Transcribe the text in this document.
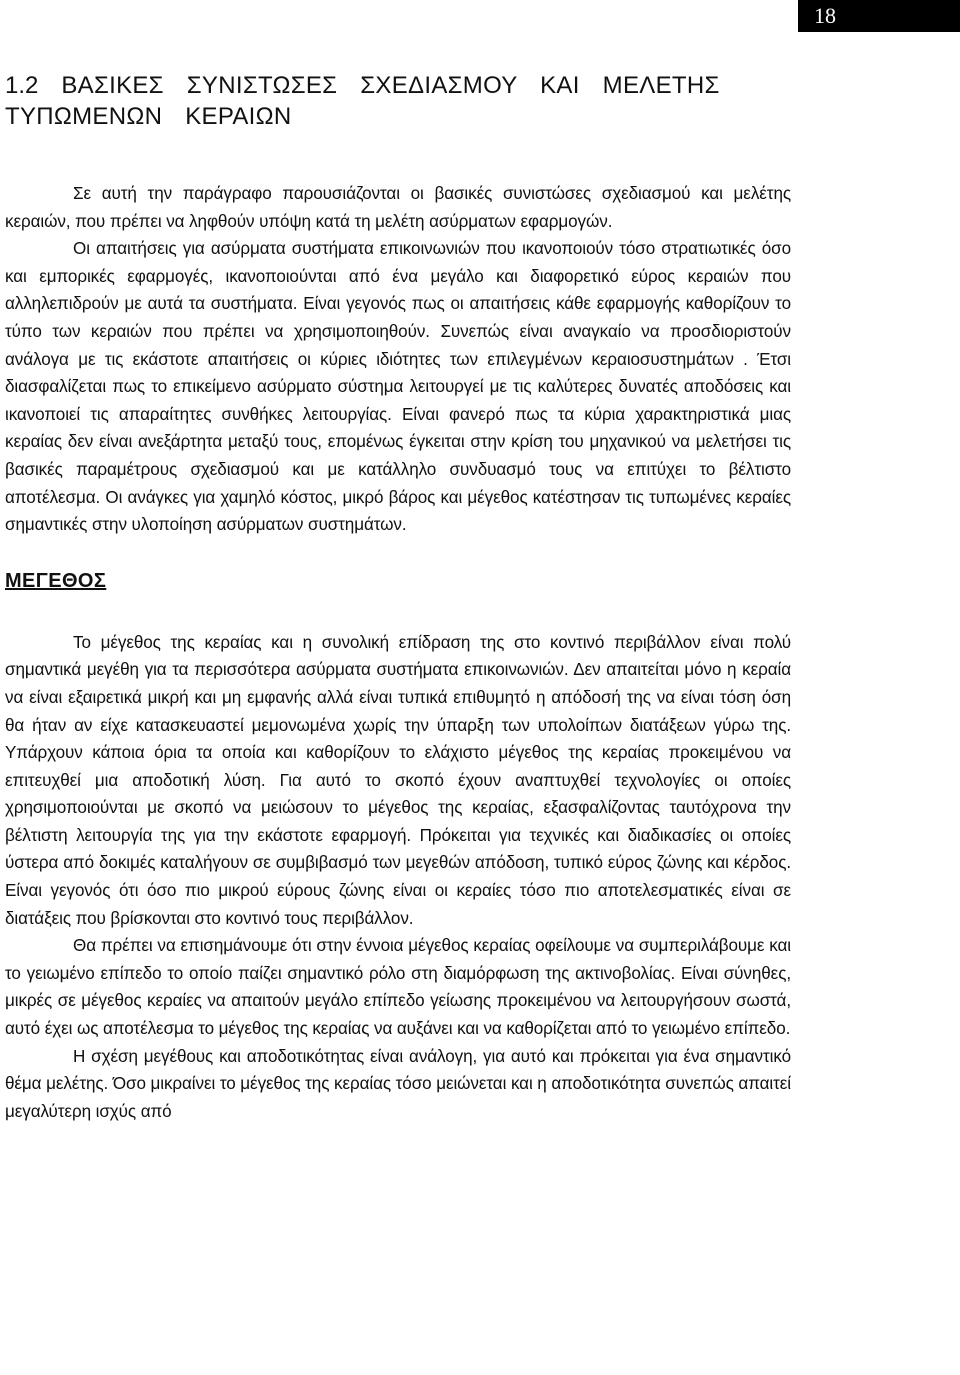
18
1.2 ΒΑΣΙΚΕΣ ΣΥΝΙΣΤΩΣΕΣ ΣΧΕΔΙΑΣΜΟΥ ΚΑΙ ΜΕΛΕΤΗΣ
ΤΥΠΩΜΕΝΩΝ ΚΕΡΑΙΩΝ

Σε αυτή την παράγραφο παρουσιάζονται οι βασικές συνιστώσες σχεδιασμού και μελέτης κεραιών, που πρέπει να ληφθούν υπόψη κατά τη μελέτη ασύρματων εφαρμογών.

Οι απαιτήσεις για ασύρματα συστήματα επικοινωνιών που ικανοποιούν τόσο στρατιωτικές όσο και εμπορικές εφαρμογές, ικανοποιούνται από ένα μεγάλο και διαφορετικό εύρος κεραιών που αλληλεπιδρούν με αυτά τα συστήματα. Είναι γεγονός πως οι απαιτήσεις κάθε εφαρμογής καθορίζουν το τύπο των κεραιών που πρέπει να χρησιμοποιηθούν. Συνεπώς είναι αναγκαίο να προσδιοριστούν ανάλογα με τις εκάστοτε απαιτήσεις οι κύριες ιδιότητες των επιλεγμένων κεραιοσυστημάτων . Έτσι διασφαλίζεται πως το επικείμενο ασύρματο σύστημα λειτουργεί με τις καλύτερες δυνατές αποδόσεις και ικανοποιεί τις απαραίτητες συνθήκες λειτουργίας. Είναι φανερό πως τα κύρια χαρακτηριστικά μιας κεραίας δεν είναι ανεξάρτητα μεταξύ τους, επομένως έγκειται στην κρίση του μηχανικού να μελετήσει τις βασικές παραμέτρους σχεδιασμού και με κατάλληλο συνδυασμό τους να επιτύχει το βέλτιστο αποτέλεσμα. Οι ανάγκες για χαμηλό κόστος, μικρό βάρος και μέγεθος κατέστησαν τις τυπωμένες κεραίες σημαντικές στην υλοποίηση ασύρματων συστημάτων.

ΜΕΓΕΘΟΣ

Το μέγεθος της κεραίας και η συνολική επίδραση της στο κοντινό περιβάλλον είναι πολύ σημαντικά μεγέθη για τα περισσότερα ασύρματα συστήματα επικοινωνιών. Δεν απαιτείται μόνο η κεραία να είναι εξαιρετικά μικρή και μη εμφανής αλλά είναι τυπικά επιθυμητό η απόδοσή της να είναι τόση όση θα ήταν αν είχε κατασκευαστεί μεμονωμένα χωρίς την ύπαρξη των υπολοίπων διατάξεων γύρω της. Υπάρχουν κάποια όρια τα οποία και καθορίζουν το ελάχιστο μέγεθος της κεραίας προκειμένου να επιτευχθεί μια αποδοτική λύση. Για αυτό το σκοπό έχουν αναπτυχθεί τεχνολογίες οι οποίες χρησιμοποιούνται με σκοπό να μειώσουν το μέγεθος της κεραίας, εξασφαλίζοντας ταυτόχρονα την βέλτιστη λειτουργία της για την εκάστοτε εφαρμογή. Πρόκειται για τεχνικές και διαδικασίες οι οποίες ύστερα από δοκιμές καταλήγουν σε συμβιβασμό των μεγεθών απόδοση, τυπικό εύρος ζώνης και κέρδος. Είναι γεγονός ότι όσο πιο μικρού εύρους ζώνης είναι οι κεραίες τόσο πιο αποτελεσματικές είναι σε διατάξεις που βρίσκονται στο κοντινό τους περιβάλλον.

Θα πρέπει να επισημάνουμε ότι στην έννοια μέγεθος κεραίας οφείλουμε να συμπεριλάβουμε και το γειωμένο επίπεδο το οποίο παίζει σημαντικό ρόλο στη διαμόρφωση της ακτινοβολίας. Είναι σύνηθες, μικρές σε μέγεθος κεραίες να απαιτούν μεγάλο επίπεδο γείωσης προκειμένου να λειτουργήσουν σωστά, αυτό έχει ως αποτέλεσμα το μέγεθος της κεραίας να αυξάνει και να καθορίζεται από το γειωμένο επίπεδο.

Η σχέση μεγέθους και αποδοτικότητας είναι ανάλογη, για αυτό και πρόκειται για ένα σημαντικό θέμα μελέτης. Όσο μικραίνει το μέγεθος της κεραίας τόσο μειώνεται και η αποδοτικότητα συνεπώς απαιτεί μεγαλύτερη ισχύς από
